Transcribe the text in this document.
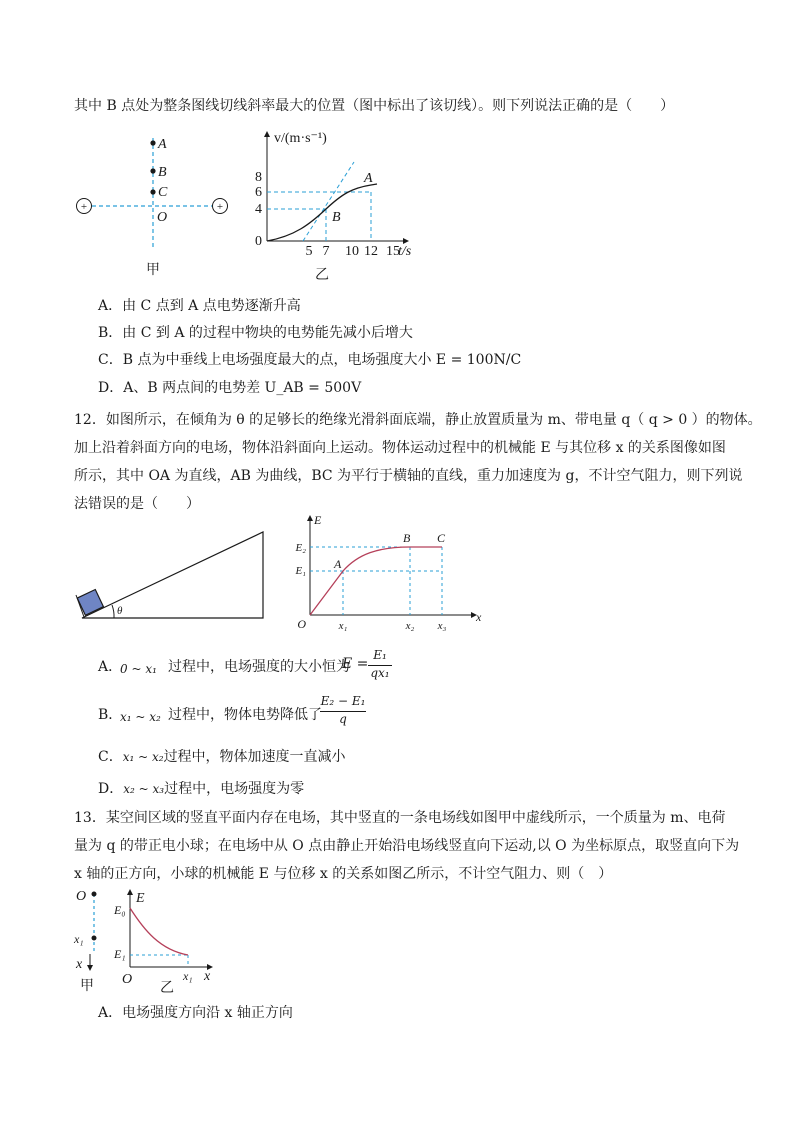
其中 B 点处为整条图线切线斜率最大的位置（图中标出了该切线）。则下列说法正确的是（　　）
A
B
C
O
+	+
甲
v/(m·s⁻¹)
t/s
0
4
6
8
5 7 10 12 15
B
A
乙
A．由 C 点到 A 点电势逐渐升高
B．由 C 到 A 的过程中物块的电势能先减小后增大
C．B 点为中垂线上电场强度最大的点，电场强度大小 E = 100N/C
D．A、B 两点间的电势差 U_AB = 500V
12．如图所示，在倾角为 θ 的足够长的绝缘光滑斜面底端，静止放置质量为 m、带电量 q（ q > 0 ）的物体。
加上沿着斜面方向的电场，物体沿斜面向上运动。物体运动过程中的机械能 E 与其位移 x 的关系图像如图
所示，其中 OA 为直线，AB 为曲线，BC 为平行于横轴的直线，重力加速度为 g，不计空气阻力，则下列说
法错误的是（　　）
θ
E
x
O
E₂
E₁ A
B C
x₁	x₂ x₃
A．
0 ~ x₁ 过程中，电场强度的大小恒为
E =
E₁
qx₁
B．
x₁ ~ x₂ 过程中，物体电势降低了
E₂ − E₁
q
C．x₁ ~ x₂过程中，物体加速度一直减小
D．x₂ ~ x₃过程中，电场强度为零
13．某空间区域的竖直平面内存在电场，其中竖直的一条电场线如图甲中虚线所示，一个质量为 m、电荷
量为 q 的带正电小球；在电场中从 O 点由静止开始沿电场线竖直向下运动,以 O 为坐标原点，取竖直向下为
x 轴的正方向，小球的机械能 E 与位移 x 的关系如图乙所示，不计空气阻力、则（　）
O
x₁
x
甲
E
E₀
E₁
O	x₁ x
乙
A．电场强度方向沿 x 轴正方向
